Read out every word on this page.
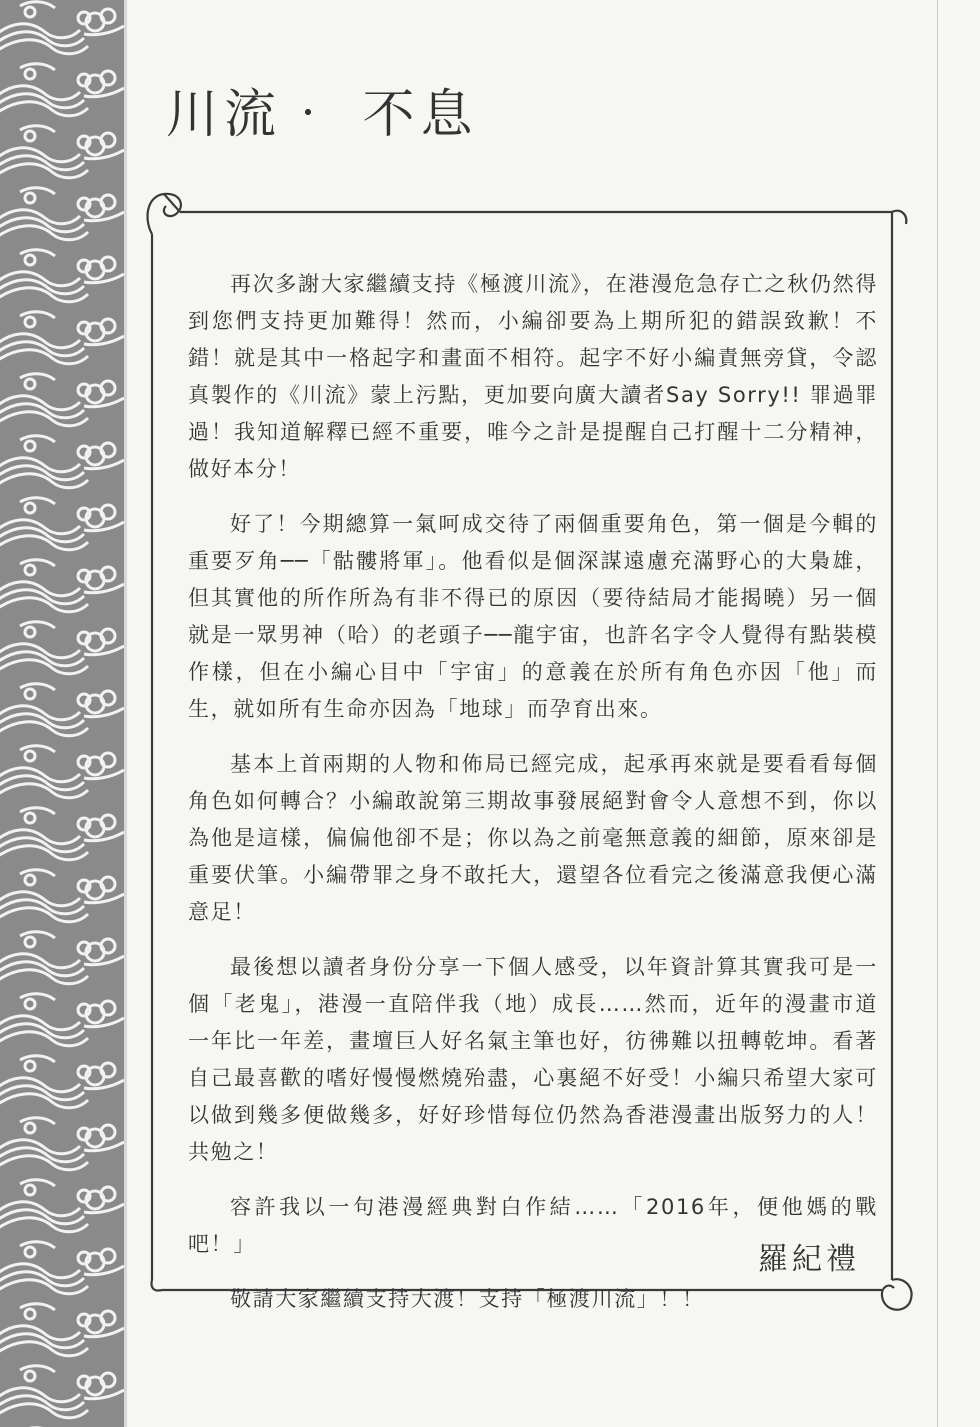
川流‧ 不息

再次多謝大家繼續支持《極渡川流》，在港漫危急存亡之秋仍然得到您們支持更加難得！然而，小編卻要為上期所犯的錯誤致歉！不錯！就是其中一格起字和畫面不相符。起字不好小編責無旁貸，令認真製作的《川流》蒙上污點，更加要向廣大讀者Say Sorry!! 罪過罪過！我知道解釋已經不重要，唯今之計是提醒自己打醒十二分精神，做好本分！

好了！今期總算一氣呵成交待了兩個重要角色，第一個是今輯的重要歹角──「骷髏將軍」。他看似是個深謀遠慮充滿野心的大梟雄，但其實他的所作所為有非不得已的原因（要待結局才能揭曉）另一個就是一眾男神（哈）的老頭子──龍宇宙，也許名字令人覺得有點裝模作樣，但在小編心目中「宇宙」的意義在於所有角色亦因「他」而生，就如所有生命亦因為「地球」而孕育出來。

基本上首兩期的人物和佈局已經完成，起承再來就是要看看每個角色如何轉合？小編敢說第三期故事發展絕對會令人意想不到，你以為他是這樣，偏偏他卻不是；你以為之前毫無意義的細節，原來卻是重要伏筆。小編帶罪之身不敢托大，還望各位看完之後滿意我便心滿意足！

最後想以讀者身份分享一下個人感受，以年資計算其實我可是一個「老鬼」，港漫一直陪伴我（地）成長……然而，近年的漫畫市道一年比一年差，畫壇巨人好名氣主筆也好，彷彿難以扭轉乾坤。看著自己最喜歡的嗜好慢慢燃燒殆盡，心裏絕不好受！小編只希望大家可以做到幾多便做幾多，好好珍惜每位仍然為香港漫畫出版努力的人！共勉之！

容許我以一句港漫經典對白作結……「2016年，便他媽的戰吧！」

敬請大家繼續支持大渡！支持「極渡川流」！！

羅紀禮
